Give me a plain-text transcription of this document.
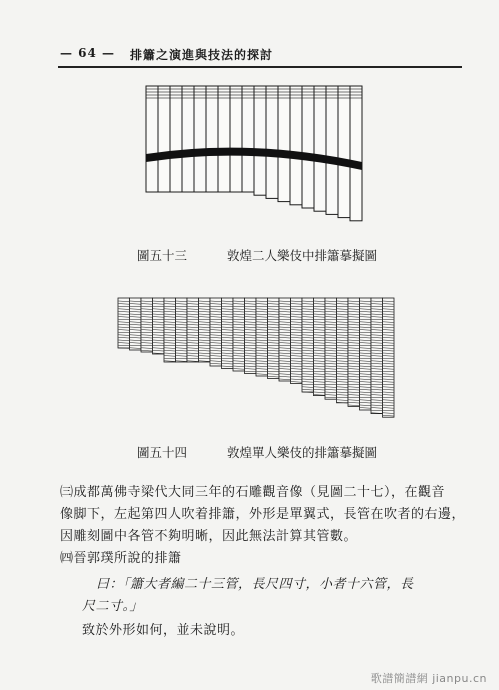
— 64 — 排簫之演進與技法的探討
圖五十三	敦煌二人樂伎中排簫摹擬圖
圖五十四	敦煌單人樂伎的排簫摹擬圖
㈢成都萬佛寺梁代大同三年的石雕觀音像（見圖二十七），在觀音
像脚下，左起第四人吹着排簫，外形是單翼式，長管在吹者的右邊，
因雕刻圖中各管不夠明晰，因此無法計算其管數。
㈣晉郭璞所說的排簫
曰：「簫大者編二十三管，長尺四寸，小者十六管，長
尺二寸。」
致於外形如何，並未說明。
歌譜簡譜網 jianpu.cn
